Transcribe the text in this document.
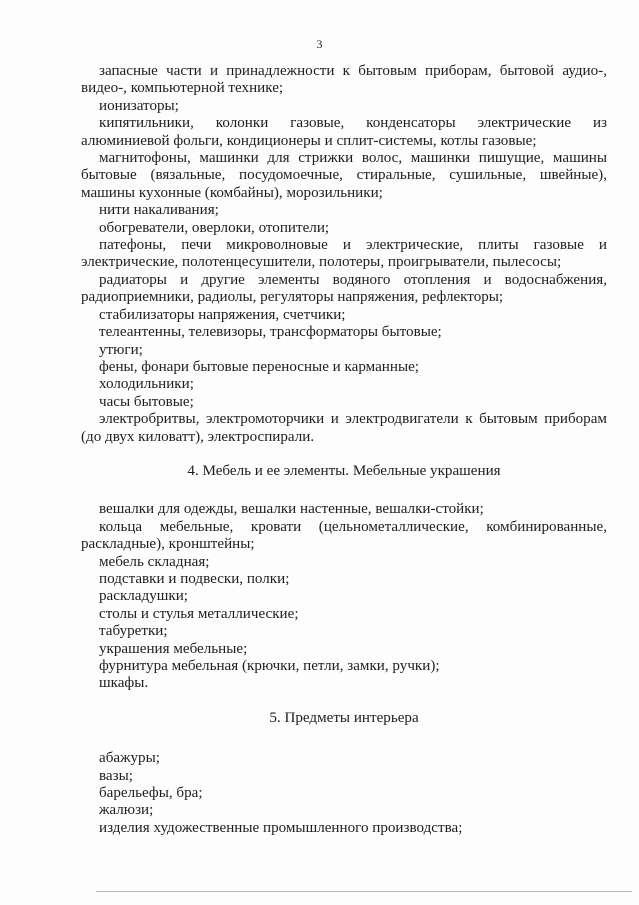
3

запасные части и принадлежности к бытовым приборам, бытовой аудио-, видео-, компьютерной технике;

ионизаторы;

кипятильники, колонки газовые, конденсаторы электрические из алюминиевой фольги, кондиционеры и сплит-системы, котлы газовые;

магнитофоны, машинки для стрижки волос, машинки пишущие, машины бытовые (вязальные, посудомоечные, стиральные, сушильные, швейные), машины кухонные (комбайны), морозильники;

нити накаливания;

обогреватели, оверлоки, отопители;

патефоны, печи микроволновые и электрические, плиты газовые и электрические, полотенцесушители, полотеры, проигрыватели, пылесосы;

радиаторы и другие элементы водяного отопления и водоснабжения, радиоприемники, радиолы, регуляторы напряжения, рефлекторы;

стабилизаторы напряжения, счетчики;

телеантенны, телевизоры, трансформаторы бытовые;

утюги;

фены, фонари бытовые переносные и карманные;

холодильники;

часы бытовые;

электробритвы, электромоторчики и электродвигатели к бытовым приборам (до двух киловатт), электроспирали.

4. Мебель и ее элементы. Мебельные украшения

вешалки для одежды, вешалки настенные, вешалки-стойки;

кольца мебельные, кровати (цельнометаллические, комбинированные, раскладные), кронштейны;

мебель складная;

подставки и подвески, полки;

раскладушки;

столы и стулья металлические;

табуретки;

украшения мебельные;

фурнитура мебельная (крючки, петли, замки, ручки);

шкафы.

5. Предметы интерьера

абажуры;

вазы;

барельефы, бра;

жалюзи;

изделия художественные промышленного производства;
